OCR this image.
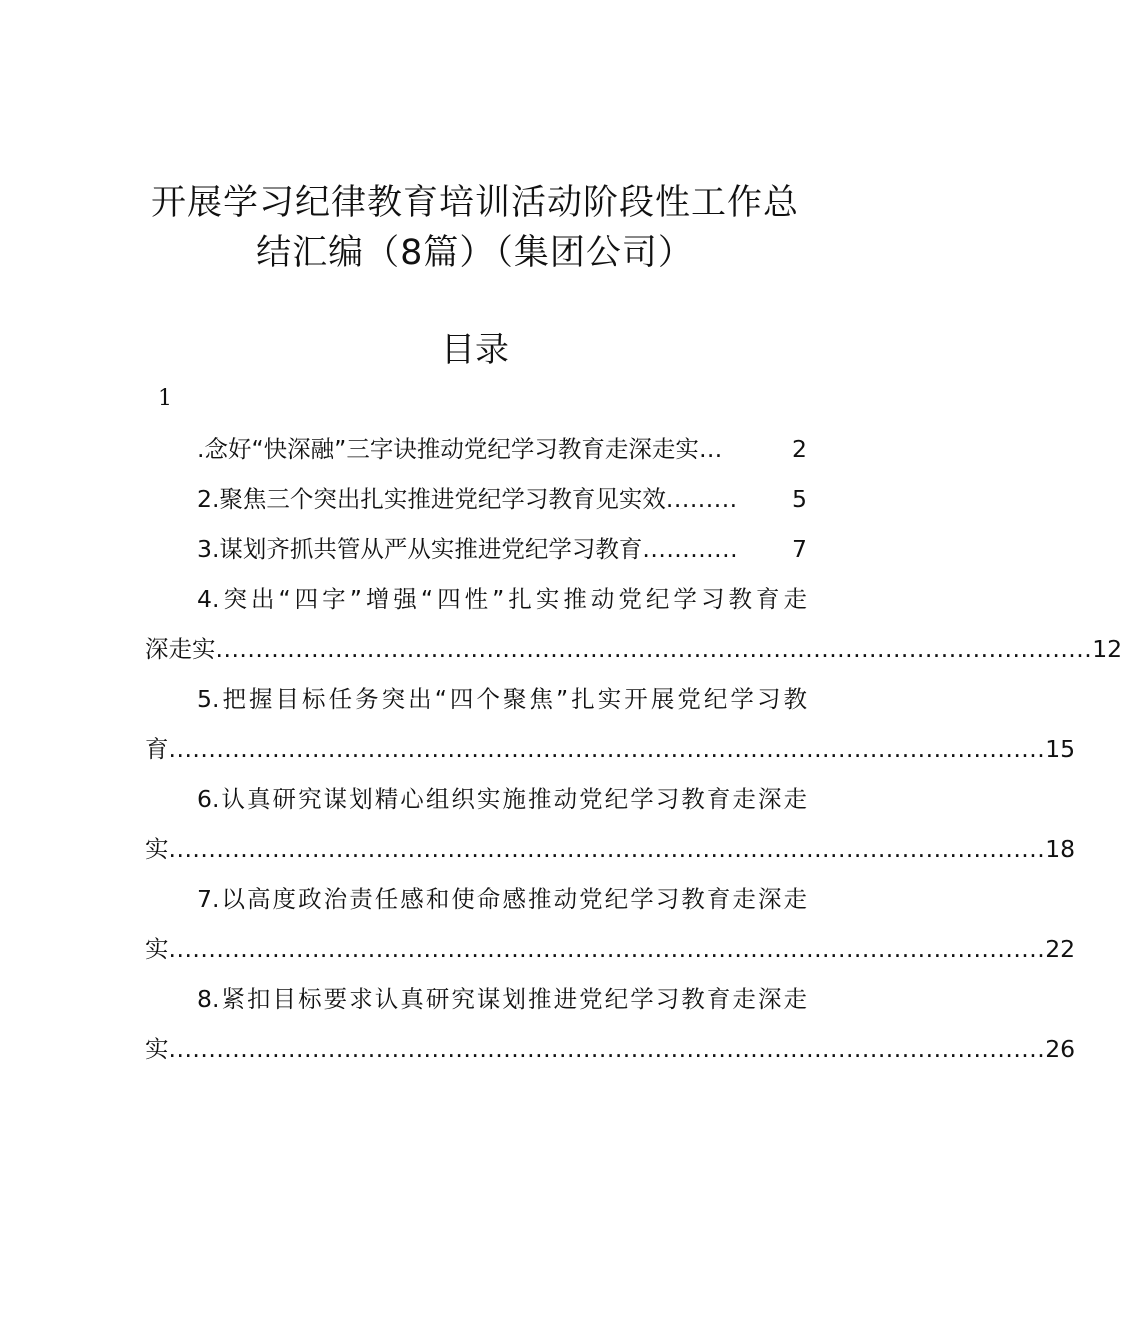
开展学习纪律教育培训活动阶段性工作总
结汇编（8篇）（集团公司）
目录
1
.念好“快深融”三字诀推动党纪学习教育走深走实 …	2
2.聚焦三个突出扎实推进党纪学习教育见实效 .........	5
3.谋划齐抓共管从严从实推进党纪学习教育 ............	7
4.突出“四字”增强“四性”扎实推动党纪学习教育走
深走实 .............................................................................................................. 12
5.把握目标任务突出“四个聚焦”扎实开展党纪学习教
育 .............................................................................................................. 15
6.认真研究谋划精心组织实施推动党纪学习教育走深走
实 .............................................................................................................. 18
7.以高度政治责任感和使命感推动党纪学习教育走深走
实 .............................................................................................................. 22
8.紧扣目标要求认真研究谋划推进党纪学习教育走深走
实 .............................................................................................................. 26
